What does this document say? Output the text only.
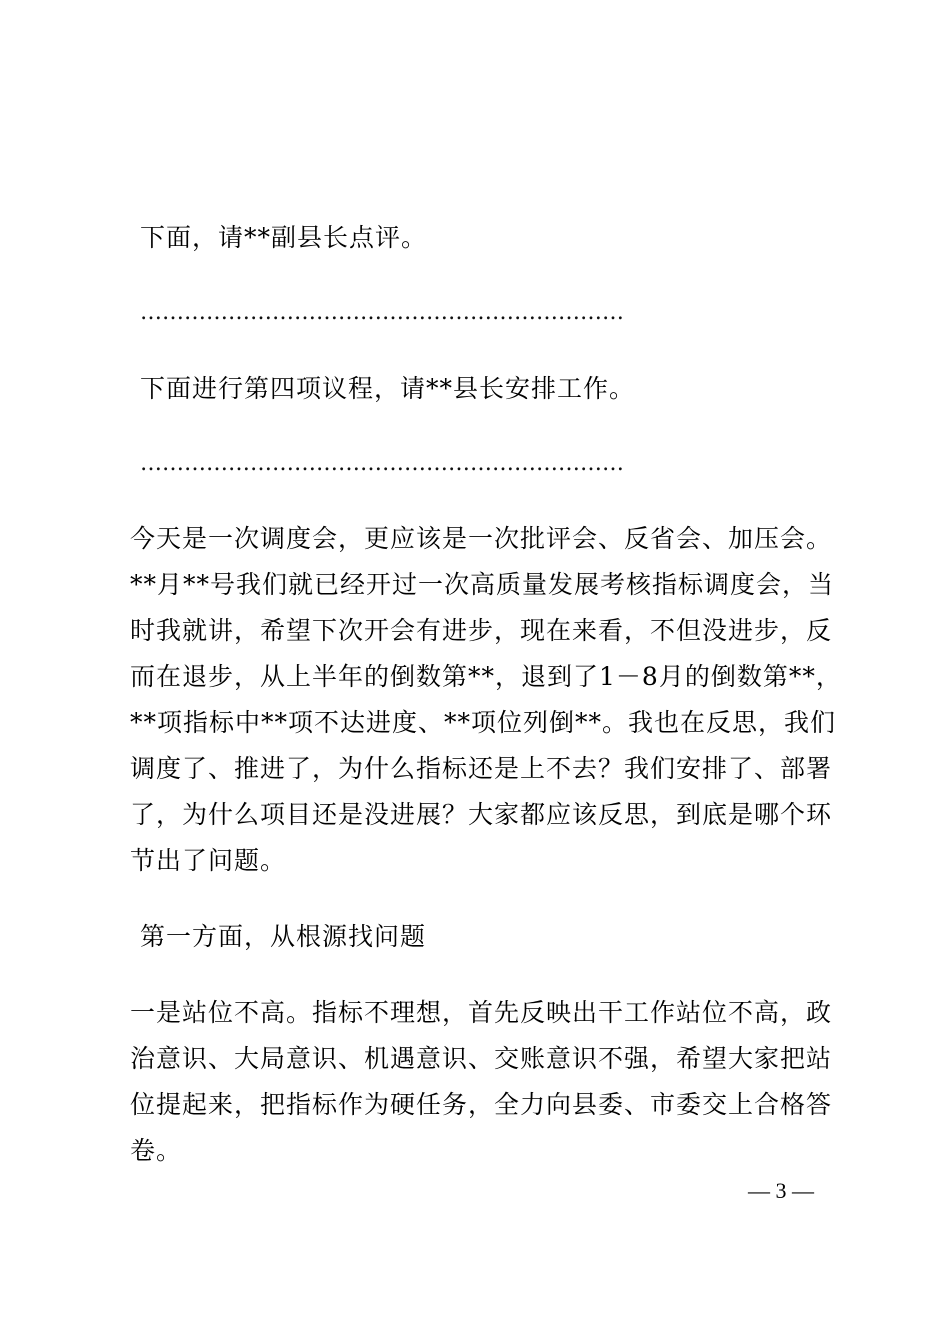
下面，请**副县长点评。

…………………………………………………………

下面进行第四项议程，请**县长安排工作。

…………………………………………………………

今天是一次调度会，更应该是一次批评会、反省会、加压会。

**月**号我们就已经开过一次高质量发展考核指标调度会，当

时我就讲，希望下次开会有进步，现在来看，不但没进步，反

而在退步，从上半年的倒数第**，退到了1－8月的倒数第**，

**项指标中**项不达进度、**项位列倒**。我也在反思，我们

调度了、推进了，为什么指标还是上不去？我们安排了、部署

了，为什么项目还是没进展？大家都应该反思，到底是哪个环

节出了问题。

第一方面，从根源找问题

一是站位不高。指标不理想，首先反映出干工作站位不高，政

治意识、大局意识、机遇意识、交账意识不强，希望大家把站

位提起来，把指标作为硬任务，全力向县委、市委交上合格答

卷。

— 3 —
